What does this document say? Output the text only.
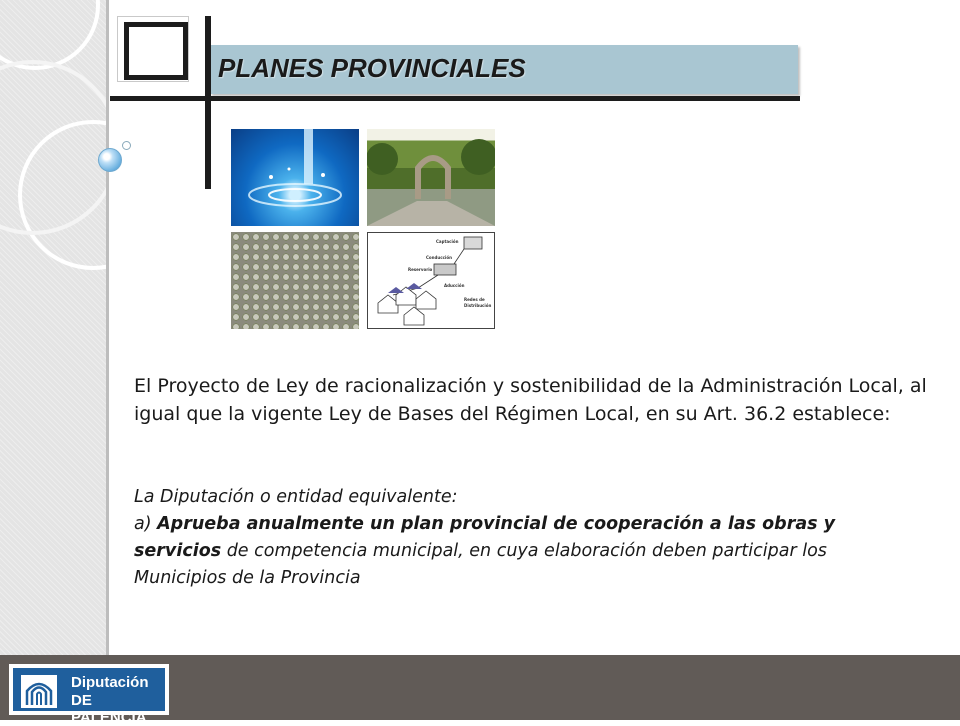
PLANES PROVINCIALES
Captación
Conducción
Reservorio
Aducción
Redes de
Distribución
El Proyecto de Ley de racionalización y sostenibilidad de la Administración Local, al igual que la vigente Ley de Bases del Régimen Local, en su Art. 36.2 establece:
La Diputación o entidad equivalente:
a) Aprueba anualmente un plan provincial de cooperación a las obras y servicios de competencia municipal, en cuya elaboración deben participar los Municipios de la Provincia
Diputación
DE PALENCIA
